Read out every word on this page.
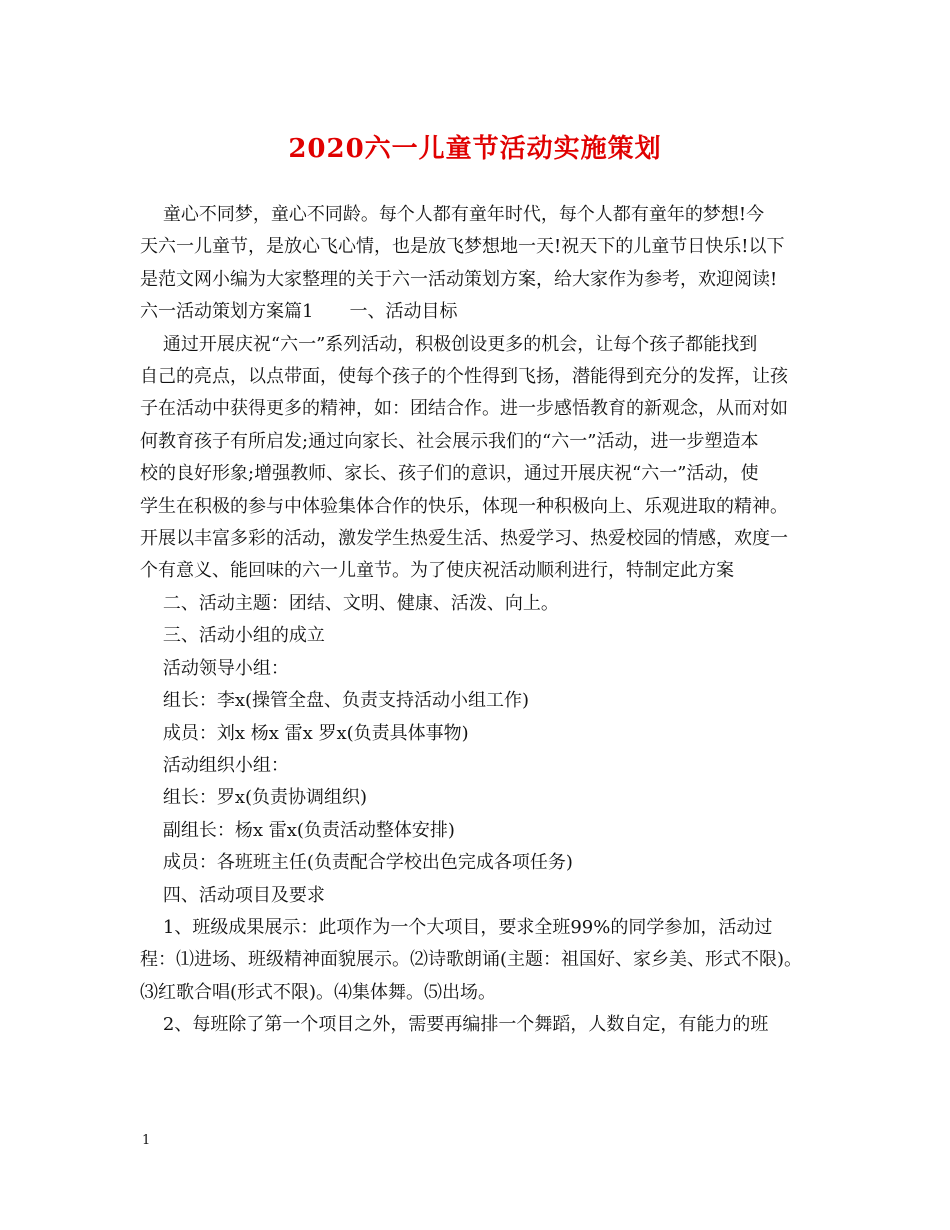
2020六一儿童节活动实施策划

童心不同梦，童心不同龄。每个人都有童年时代，每个人都有童年的梦想!今

天六一儿童节，是放心飞心情，也是放飞梦想地一天!祝天下的儿童节日快乐!以下

是范文网小编为大家整理的关于六一活动策划方案，给大家作为参考，欢迎阅读!

六一活动策划方案篇1　　一、活动目标

通过开展庆祝“六一”系列活动，积极创设更多的机会，让每个孩子都能找到

自己的亮点，以点带面，使每个孩子的个性得到飞扬，潜能得到充分的发挥，让孩

子在活动中获得更多的精神，如：团结合作。进一步感悟教育的新观念，从而对如

何教育孩子有所启发;通过向家长、社会展示我们的“六一”活动，进一步塑造本

校的良好形象;增强教师、家长、孩子们的意识，通过开展庆祝“六一”活动，使

学生在积极的参与中体验集体合作的快乐，体现一种积极向上、乐观进取的精神。

开展以丰富多彩的活动，激发学生热爱生活、热爱学习、热爱校园的情感，欢度一

个有意义、能回味的六一儿童节。为了使庆祝活动顺利进行，特制定此方案

二、活动主题：团结、文明、健康、活泼、向上。

三、活动小组的成立

活动领导小组：

组长：李x(操管全盘、负责支持活动小组工作)

成员：刘x 杨x 雷x 罗x(负责具体事物)

活动组织小组：

组长：罗x(负责协调组织)

副组长：杨x 雷x(负责活动整体安排)

成员：各班班主任(负责配合学校出色完成各项任务)

四、活动项目及要求

1、班级成果展示：此项作为一个大项目，要求全班99%的同学参加，活动过

程：⑴进场、班级精神面貌展示。⑵诗歌朗诵(主题：祖国好、家乡美、形式不限)。

⑶红歌合唱(形式不限)。⑷集体舞。⑸出场。

2、每班除了第一个项目之外，需要再编排一个舞蹈，人数自定，有能力的班

1
